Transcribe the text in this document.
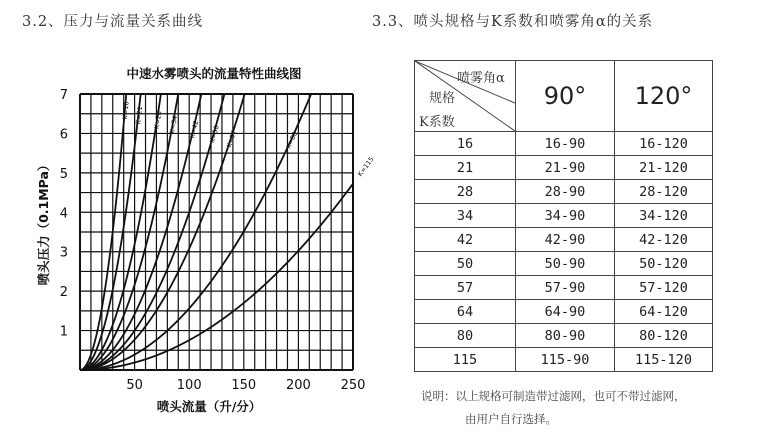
3.2、压力与流量关系曲线	3.3、喷头规格与K系数和喷雾角α的关系
中速水雾喷头的流量特性曲线图
50	100 150 200 250
1
2
3
4
5
6
7
K=16 K=21 K=28 K=34 K=42 K=50 K=57	K=80
K=115
喷头流量（升/分）
喷头压力（0.1MPa）
喷雾角α
规格
K系数	90°	120°
16	16-90	16-120
21	21-90	21-120
28	28-90	28-120
34	34-90	34-120
42	42-90	42-120
50	50-90	50-120
57	57-90	57-120
64	64-90	64-120
80	80-90	80-120
115	115-90	115-120
说明：以上规格可制造带过滤网，也可不带过滤网，
由用户自行选择。
